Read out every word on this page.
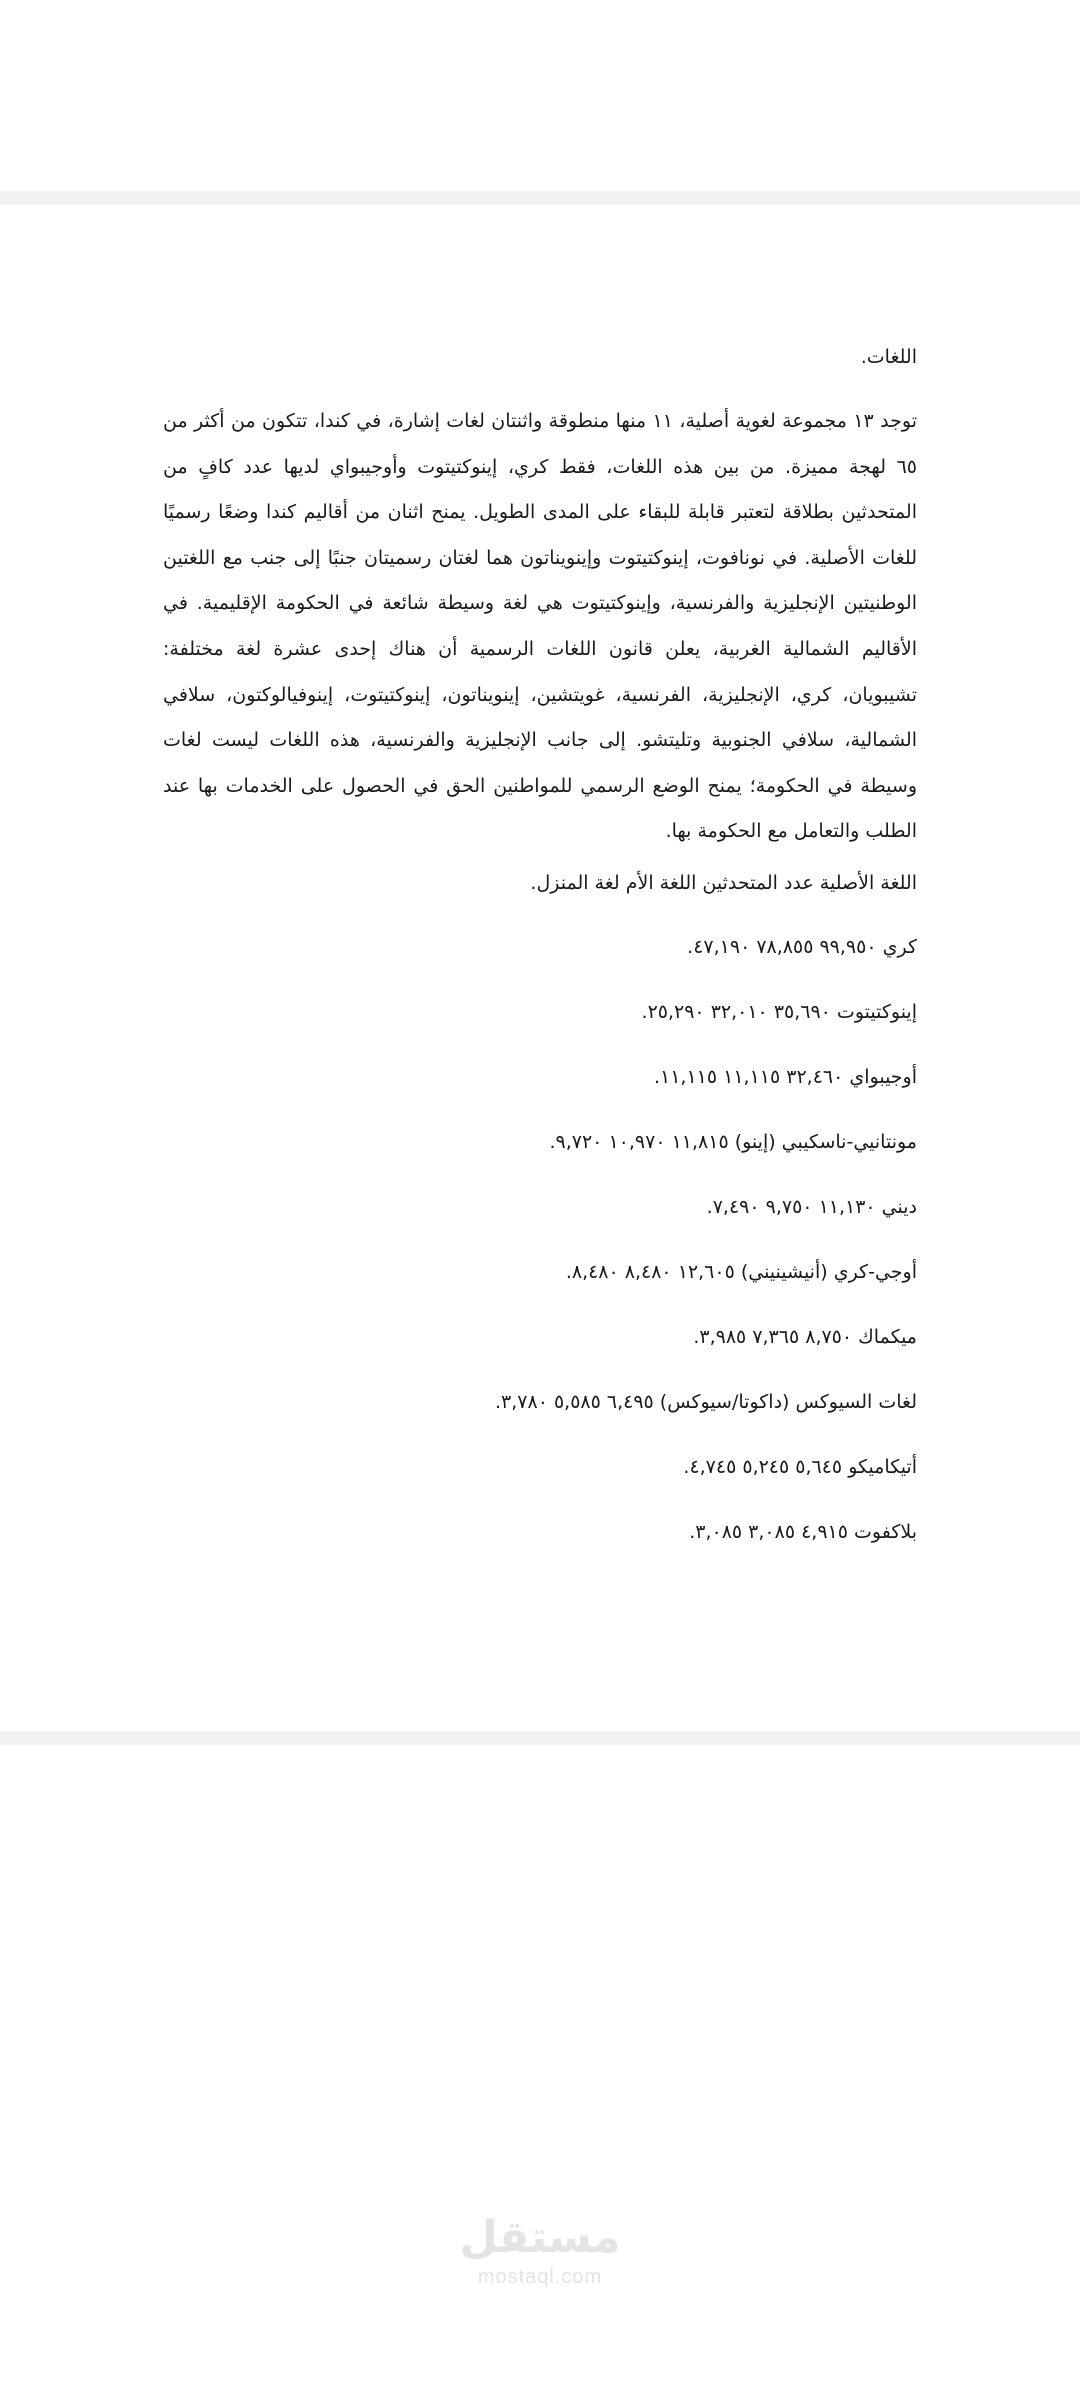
اللغات.

توجد ١٣ مجموعة لغوية أصلية، ١١ منها منطوقة واثنتان لغات إشارة، في كندا، تتكون من أكثر من ٦٥ لهجة مميزة. من بين هذه اللغات، فقط كري، إينوكتيتوت وأوجيبواي لديها عدد كافٍ من المتحدثين بطلاقة لتعتبر قابلة للبقاء على المدى الطويل. يمنح اثنان من أقاليم كندا وضعًا رسميًا للغات الأصلية. في نونافوت، إينوكتيتوت وإينويناتون هما لغتان رسميتان جنبًا إلى جنب مع اللغتين الوطنيتين الإنجليزية والفرنسية، وإينوكتيتوت هي لغة وسيطة شائعة في الحكومة الإقليمية. في الأقاليم الشمالية الغربية، يعلن قانون اللغات الرسمية أن هناك إحدى عشرة لغة مختلفة: تشيبويان، كري، الإنجليزية، الفرنسية، غويتشين، إينويناتون، إينوكتيتوت، إينوفيالوكتون، سلافي الشمالية، سلافي الجنوبية وتليتشو. إلى جانب الإنجليزية والفرنسية، هذه اللغات ليست لغات وسيطة في الحكومة؛ يمنح الوضع الرسمي للمواطنين الحق في الحصول على الخدمات بها عند الطلب والتعامل مع الحكومة بها.

اللغة الأصلية عدد المتحدثين اللغة الأم لغة المنزل.

كري ٩٩,٩٥٠ ٧٨,٨٥٥ ٤٧,١٩٠.

إينوكتيتوت ٣٥,٦٩٠ ٣٢,٠١٠ ٢٥,٢٩٠.

أوجيبواي ٣٢,٤٦٠ ١١,١١٥ ١١,١١٥.

مونتانيي-ناسكيبي (إينو) ١١,٨١٥ ١٠,٩٧٠ ٩,٧٢٠.

ديني ١١,١٣٠ ٩,٧٥٠ ٧,٤٩٠.

أوجي-كري (أنيشينيني) ١٢,٦٠٥ ٨,٤٨٠ ٨,٤٨٠.

ميكماك ٨,٧٥٠ ٧,٣٦٥ ٣,٩٨٥.

لغات السيوكس (داكوتا/سيوكس) ٦,٤٩٥ ٥,٥٨٥ ٣,٧٨٠.

أتيكاميكو ٥,٦٤٥ ٥,٢٤٥ ٤,٧٤٥.

بلاكفوت ٤,٩١٥ ٣,٠٨٥ ٣,٠٨٥.

مستقل
mostaql.com
